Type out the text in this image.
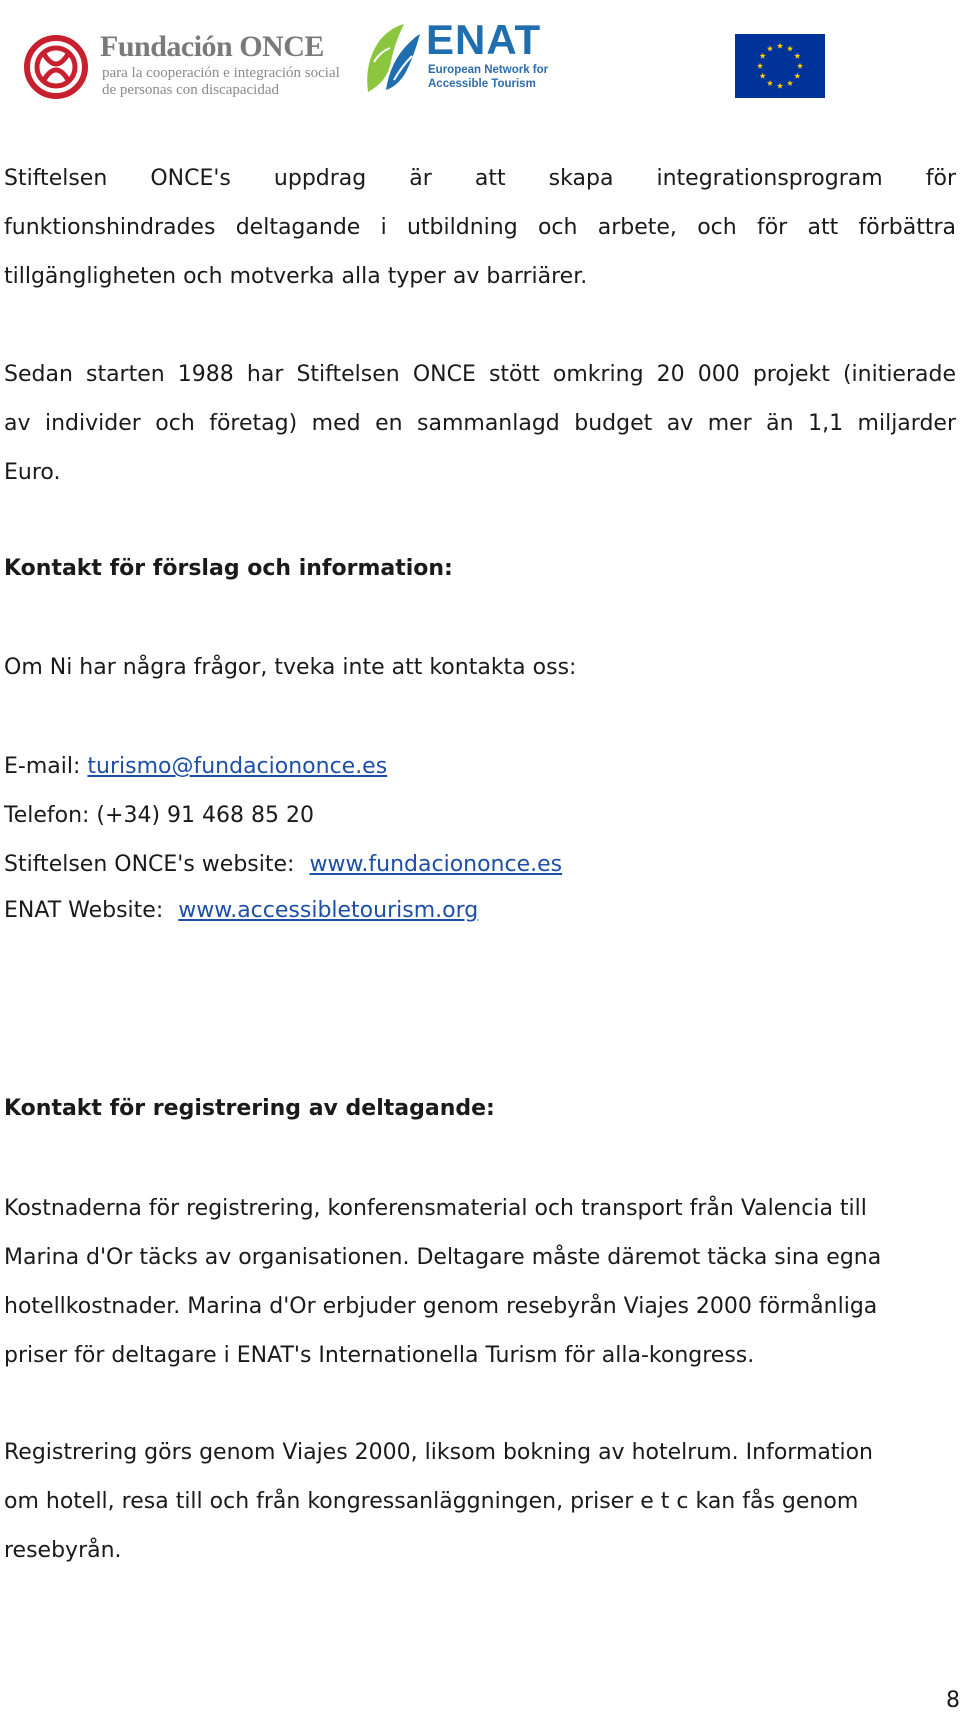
Fundación ONCE
para la cooperación e integración social
de personas con discapacidad
ENAT
European Network for
Accessible Tourism
Stiftelsen ONCE's uppdrag är att skapa integrationsprogram för
funktionshindrades deltagande i utbildning och arbete, och för att förbättra
tillgängligheten och motverka alla typer av barriärer.
Sedan starten 1988 har Stiftelsen ONCE stött omkring 20 000 projekt (initierade
av individer och företag) med en sammanlagd budget av mer än 1,1 miljarder
Euro.
Kontakt för förslag och information:
Om Ni har några frågor, tveka inte att kontakta oss:
E-mail: turismo@fundaciononce.es
Telefon: (+34) 91 468 85 20
Stiftelsen ONCE's website: www.fundaciononce.es
ENAT Website: www.accessibletourism.org
Kontakt för registrering av deltagande:
Kostnaderna för registrering, konferensmaterial och transport från Valencia till
Marina d'Or täcks av organisationen. Deltagare måste däremot täcka sina egna
hotellkostnader. Marina d'Or erbjuder genom resebyrån Viajes 2000 förmånliga
priser för deltagare i ENAT's Internationella Turism för alla-kongress.
Registrering görs genom Viajes 2000, liksom bokning av hotelrum. Information
om hotell, resa till och från kongressanläggningen, priser e t c kan fås genom
resebyrån.
8
